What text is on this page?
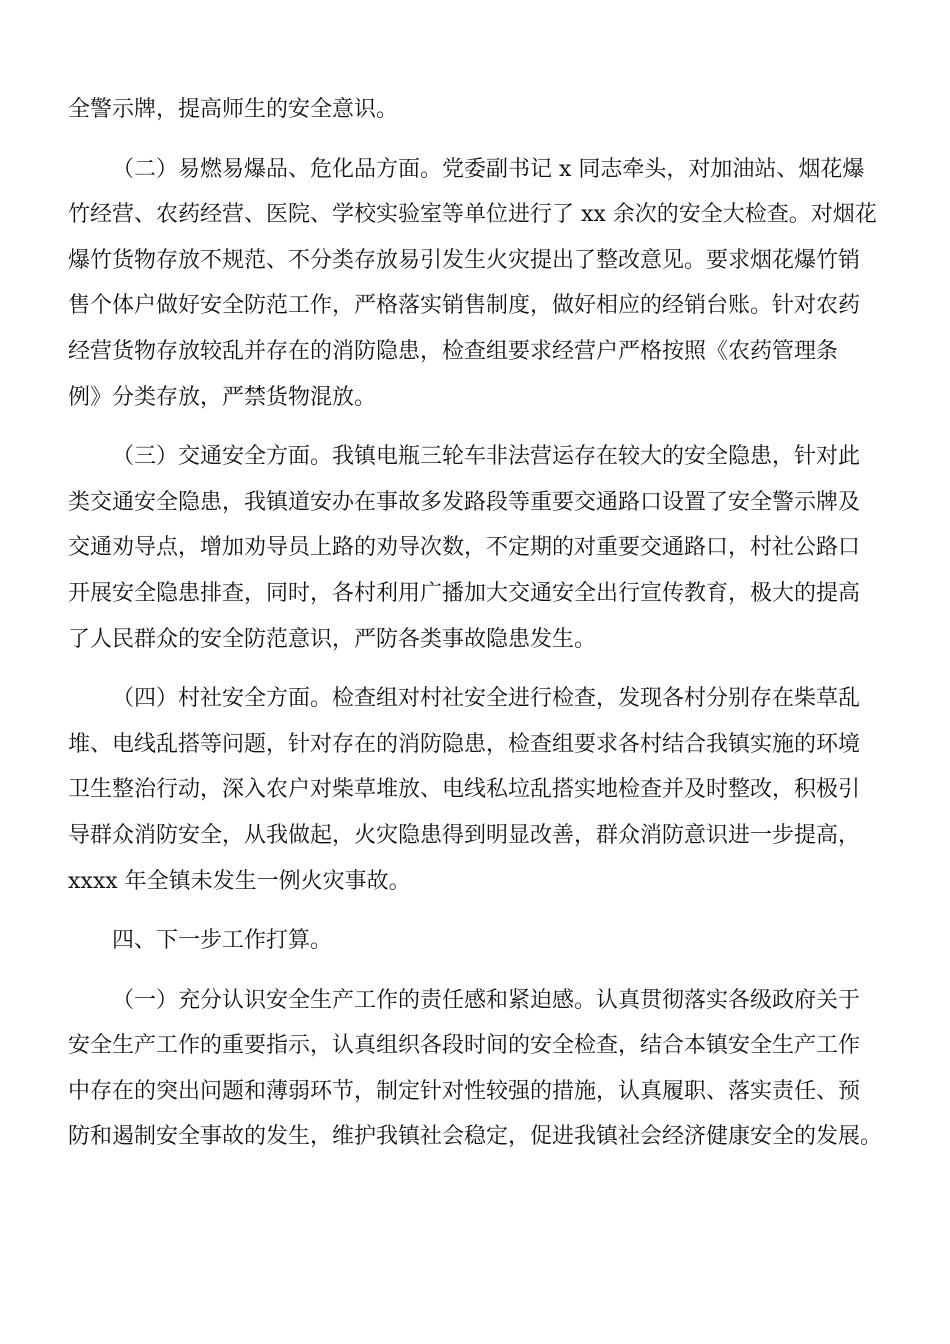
全警示牌，提高师生的安全意识。
（二）易燃易爆品、危化品方面。党委副书记 x 同志牵头，对加油站、烟花爆
竹经营、农药经营、医院、学校实验室等单位进行了 xx 余次的安全大检查。对烟花
爆竹货物存放不规范、不分类存放易引发生火灾提出了整改意见。要求烟花爆竹销
售个体户做好安全防范工作，严格落实销售制度，做好相应的经销台账。针对农药
经营货物存放较乱并存在的消防隐患，检查组要求经营户严格按照《农药管理条
例》分类存放，严禁货物混放。
（三）交通安全方面。我镇电瓶三轮车非法营运存在较大的安全隐患，针对此
类交通安全隐患，我镇道安办在事故多发路段等重要交通路口设置了安全警示牌及
交通劝导点，增加劝导员上路的劝导次数，不定期的对重要交通路口，村社公路口
开展安全隐患排查，同时，各村利用广播加大交通安全出行宣传教育，极大的提高
了人民群众的安全防范意识，严防各类事故隐患发生。
（四）村社安全方面。检查组对村社安全进行检查，发现各村分别存在柴草乱
堆、电线乱搭等问题，针对存在的消防隐患，检查组要求各村结合我镇实施的环境
卫生整治行动，深入农户对柴草堆放、电线私垃乱搭实地检查并及时整改，积极引
导群众消防安全，从我做起，火灾隐患得到明显改善，群众消防意识进一步提高，
xxxx 年全镇未发生一例火灾事故。
四、下一步工作打算。
（一）充分认识安全生产工作的责任感和紧迫感。认真贯彻落实各级政府关于
安全生产工作的重要指示，认真组织各段时间的安全检查，结合本镇安全生产工作
中存在的突出问题和薄弱环节，制定针对性较强的措施，认真履职、落实责任、预
防和遏制安全事故的发生，维护我镇社会稳定，促进我镇社会经济健康安全的发展。
